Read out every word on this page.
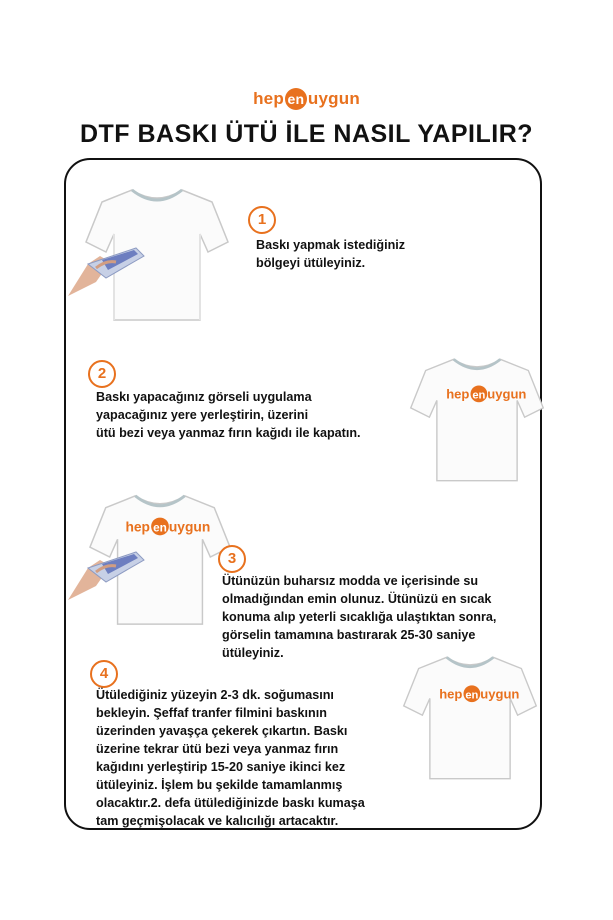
hep en uygun
DTF BASKI ÜTÜ İLE NASIL YAPILIR?
1
Baskı yapmak istediğiniz
bölgeyi ütüleyiniz.
2
Baskı yapacağınız görseli uygulama
yapacağınız yere yerleştirin, üzerini
ütü bezi veya yanmaz fırın kağıdı ile kapatın.
hep en uygun
hep en uygun
3
Ütünüzün buharsız modda ve içerisinde su
olmadığından emin olunuz. Ütünüzü en sıcak
konuma alıp yeterli sıcaklığa ulaştıktan sonra,
görselin tamamına bastırarak 25-30 saniye
ütüleyiniz.
4
Ütülediğiniz yüzeyin 2-3 dk. soğumasını
bekleyin. Şeffaf tranfer filmini baskının
üzerinden yavaşça çekerek çıkartın. Baskı
üzerine tekrar ütü bezi veya yanmaz fırın
kağıdını yerleştirip 15-20 saniye ikinci kez
ütüleyiniz. İşlem bu şekilde tamamlanmış
olacaktır.2. defa ütülediğinizde baskı kumaşa
tam geçmişolacak ve kalıcılığı artacaktır.
hep en uygun
